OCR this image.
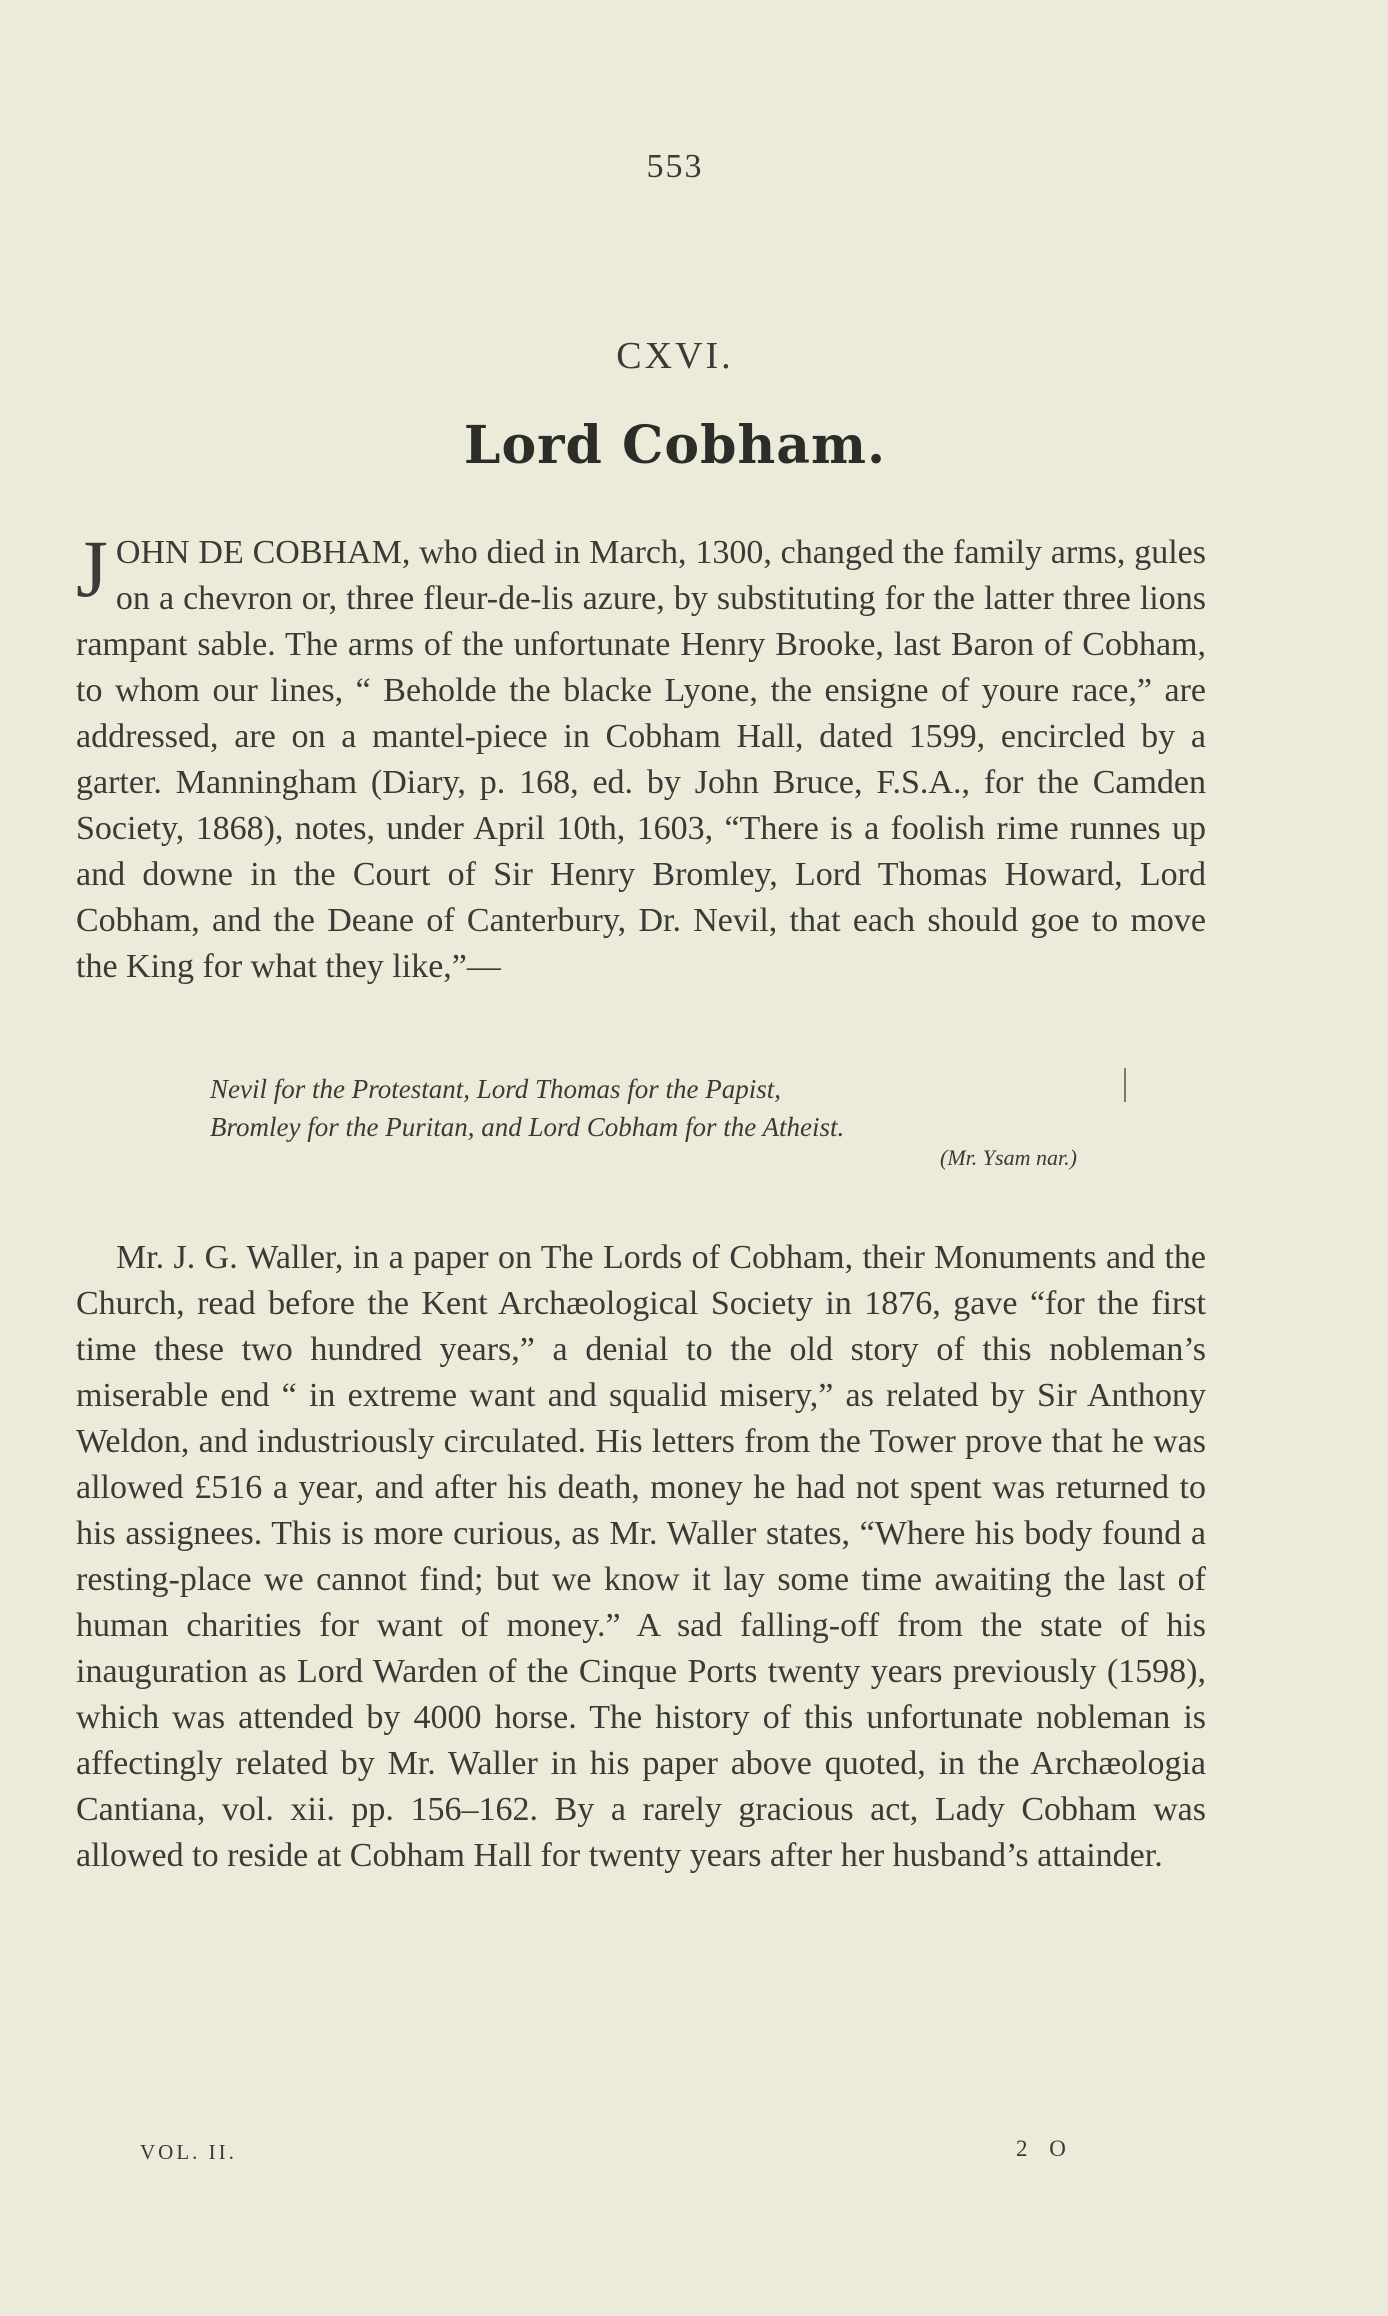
553
CXVI.
Lord Cobham.
J OHN DE COBHAM, who died in March, 1300, changed the family arms, gules on a chevron or, three fleur-de-lis azure, by substituting for the latter three lions rampant sable. The arms of the unfortunate Henry Brooke, last Baron of Cobham, to whom our lines, “ Beholde the blacke Lyone, the ensigne of youre race,” are addressed, are on a mantel-piece in Cobham Hall, dated 1599, encircled by a garter. Manningham (Diary, p. 168, ed. by John Bruce, F.S.A., for the Camden Society, 1868), notes, under April 10th, 1603, “There is a foolish rime runnes up and downe in the Court of Sir Henry Bromley, Lord Thomas Howard, Lord Cobham, and the Deane of Canterbury, Dr. Nevil, that each should goe to move the King for what they like,”—
Nevil for the Protestant, Lord Thomas for the Papist,
Bromley for the Puritan, and Lord Cobham for the Atheist.
(Mr. Ysam nar.)
Mr. J. G. Waller, in a paper on The Lords of Cobham, their Monuments and the Church, read before the Kent Archæological Society in 1876, gave “for the first time these two hundred years,” a denial to the old story of this nobleman’s miserable end “ in extreme want and squalid misery,” as related by Sir Anthony Weldon, and industriously circulated. His letters from the Tower prove that he was allowed £516 a year, and after his death, money he had not spent was returned to his assignees. This is more curious, as Mr. Waller states, “Where his body found a resting-place we cannot find; but we know it lay some time awaiting the last of human charities for want of money.” A sad falling-off from the state of his inauguration as Lord Warden of the Cinque Ports twenty years previously (1598), which was attended by 4000 horse. The history of this unfortunate nobleman is affectingly related by Mr. Waller in his paper above quoted, in the Archæologia Cantiana, vol. xii. pp. 156–162. By a rarely gracious act, Lady Cobham was allowed to reside at Cobham Hall for twenty years after her husband’s attainder.
VOL. II.	2 O
